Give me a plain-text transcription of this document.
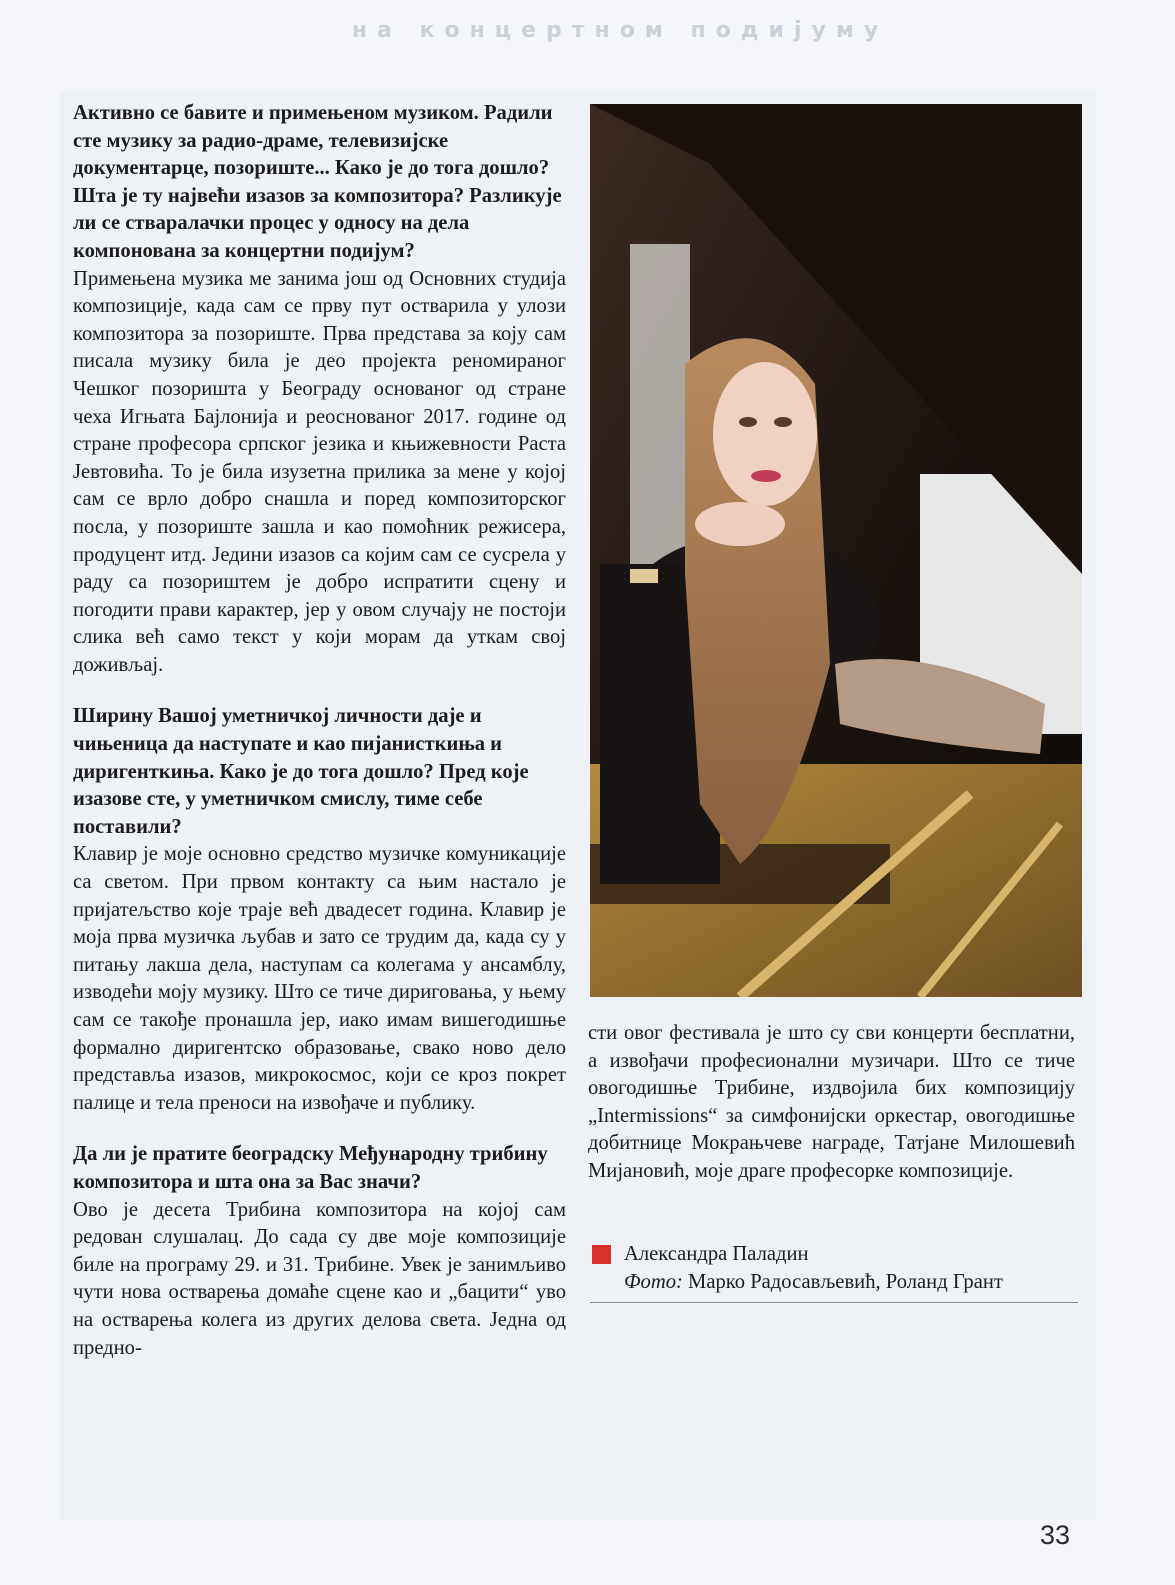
на концертном подијуму

Активно се бавите и примењеном музиком. Радили сте музику за радио-драме, телевизијске документарце, позориште... Како је до тога дошло? Шта је ту највећи изазов за композитора? Разликује ли се стваралачки процес у односу на дела компонована за концертни подијум?

Примењена музика ме занима још од Основних студија композиције, када сам се прву пут остварила у улози композитора за позориште. Прва представа за коју сам писала музику била је део пројекта реномираног Чешког позоришта у Београду основаног од стране чеха Игњата Бајлонија и реоснованог 2017. године од стране професора српског језика и књижевности Раста Јевтовића. То је била изузетна прилика за мене у којој сам се врло добро снашла и поред композиторског посла, у позориште зашла и као помоћник режисера, продуцент итд. Једини изазов са којим сам се сусрела у раду са позориштем је добро испратити сцену и погодити прави карактер, јер у овом случају не постоји слика већ само текст у који морам да уткам свој доживљај.

Ширину Вашој уметничкој личности даје и чињеница да наступате и као пијанисткиња и диригенткиња. Како је до тога дошло? Пред које изазове сте, у уметничком смислу, тиме себе поставили?

Клавир је моје основно средство музичке комуникације са светом. При првом контакту са њим настало је пријатељство које траје већ двадесет година. Клавир је моја прва музичка љубав и зато се трудим да, када су у питању лакша дела, наступам са колегама у ансамблу, изводећи моју музику. Што се тиче дириговања, у њему сам се такође пронашла јер, иако имам вишегодишње формално диригентско образовање, свако ново дело представља изазов, микрокосмос, који се кроз покрет палице и тела преноси на извођаче и публику.

Да ли је пратите београдску Међународну трибину композитора и шта она за Вас значи?

Ово је десета Трибина композитора на којој сам редован слушалац. До сада су две моје композиције биле на програму 29. и 31. Трибине. Увек је занимљиво чути нова остварења домаће сцене као и „бацити“ уво на остварења колега из других делова света. Једна од предно-

сти овог фестивала је што су сви концерти бесплатни, а извођачи професионални музичари. Што се тиче овогодишње Трибине, издвојила бих композицију „Intermissions“ за симфонијски оркестар, овогодишње добитнице Мокрањчеве награде, Татјане Милошевић Мијановић, моје драге професорке композиције.

Александра Паладин
Фото: Марко Радосављевић, Роланд Грант
33
